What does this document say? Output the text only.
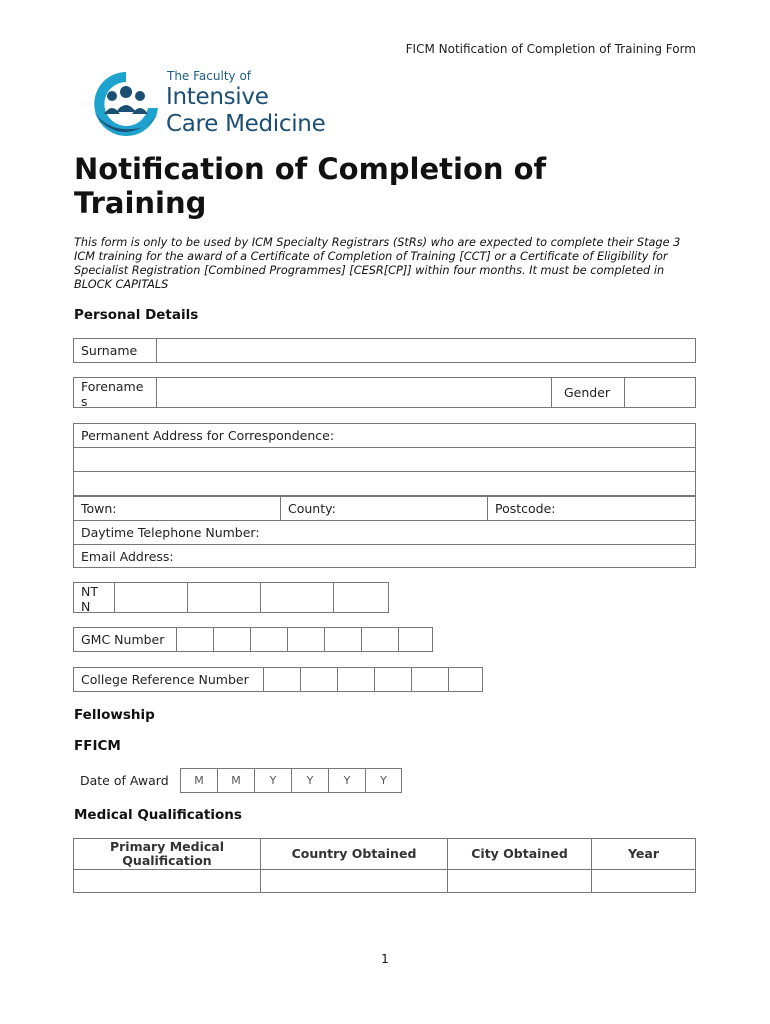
FICM Notification of Completion of Training Form
The Faculty of
Intensive
Care Medicine
Notification of Completion of Training
This form is only to be used by ICM Specialty Registrars (StRs) who are expected to complete their Stage 3 ICM training for the award of a Certificate of Completion of Training [CCT] or a Certificate of Eligibility for Specialist Registration [Combined Programmes] [CESR[CP]] within four months. It must be completed in BLOCK CAPITALS
Personal Details
Surname
Forename s
Gender
Permanent Address for Correspondence:
Town:	County:	Postcode:
Daytime Telephone Number:
Email Address:
NT N
GMC Number
College Reference Number
Fellowship
FFICM
Date of Award	M	M	Y	Y	Y	Y
Medical Qualifications
Primary Medical Qualification	Country Obtained	City Obtained	Year
1
